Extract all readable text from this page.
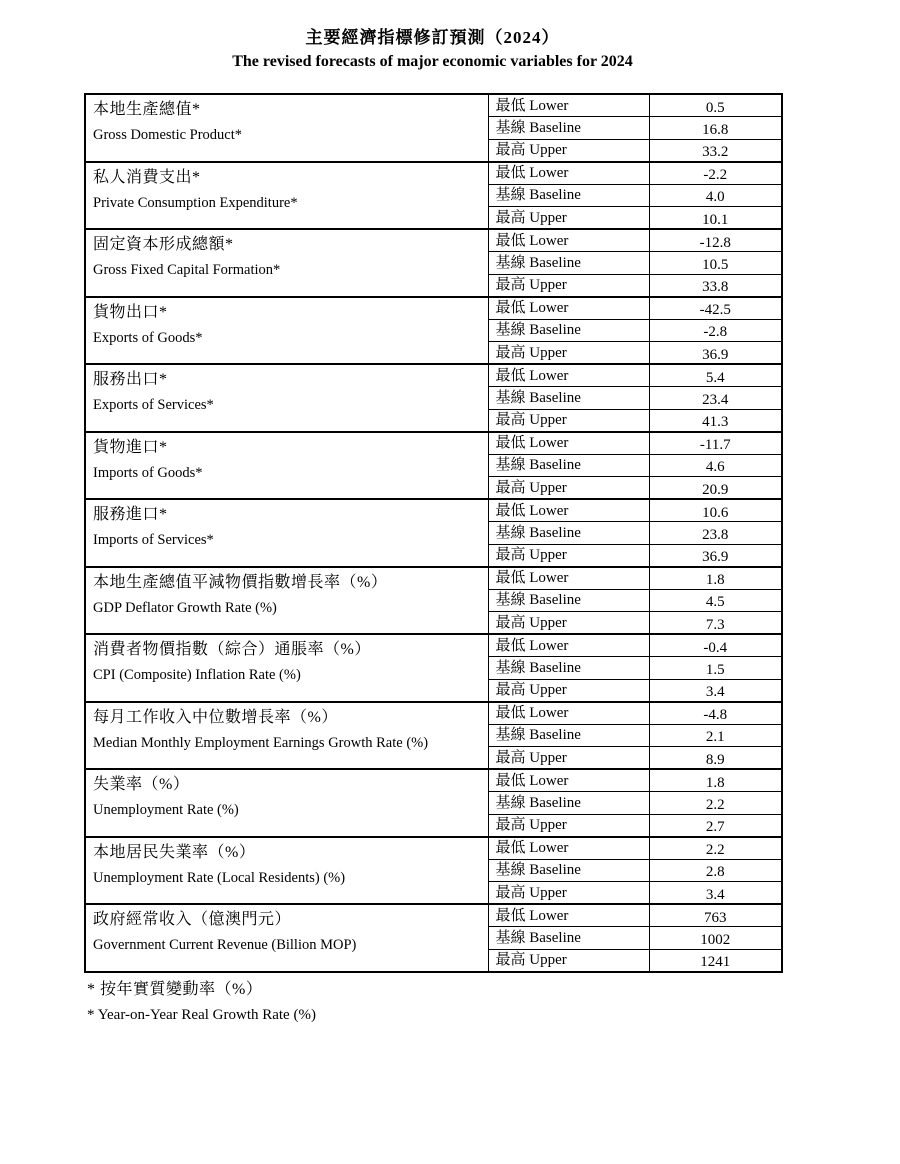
主要經濟指標修訂預測（2024）
The revised forecasts of major economic variables for 2024
本地生產總值*
Gross Domestic Product*	最低 Lower	0.5
	基線 Baseline	16.8
	最高 Upper	33.2

私人消費支出*
Private Consumption Expenditure*	最低 Lower	-2.2
	基線 Baseline	4.0
	最高 Upper	10.1

固定資本形成總額*
Gross Fixed Capital Formation*	最低 Lower	-12.8
	基線 Baseline	10.5
	最高 Upper	33.8

貨物出口*
Exports of Goods*	最低 Lower	-42.5
	基線 Baseline	-2.8
	最高 Upper	36.9

服務出口*
Exports of Services*	最低 Lower	5.4
	基線 Baseline	23.4
	最高 Upper	41.3

貨物進口*
Imports of Goods*	最低 Lower	-11.7
	基線 Baseline	4.6
	最高 Upper	20.9

服務進口*
Imports of Services*	最低 Lower	10.6
	基線 Baseline	23.8
	最高 Upper	36.9

本地生產總值平減物價指數增長率（%）
GDP Deflator Growth Rate (%)	最低 Lower	1.8
	基線 Baseline	4.5
	最高 Upper	7.3

消費者物價指數（綜合）通脹率（%）
CPI (Composite) Inflation Rate (%)	最低 Lower	-0.4
	基線 Baseline	1.5
	最高 Upper	3.4

每月工作收入中位數增長率（%）
Median Monthly Employment Earnings Growth Rate (%)	最低 Lower	-4.8
	基線 Baseline	2.1
	最高 Upper	8.9

失業率（%）
Unemployment Rate (%)	最低 Lower	1.8
	基線 Baseline	2.2
	最高 Upper	2.7

本地居民失業率（%）
Unemployment Rate (Local Residents) (%)	最低 Lower	2.2
	基線 Baseline	2.8
	最高 Upper	3.4

政府經常收入（億澳門元）
Government Current Revenue (Billion MOP)	最低 Lower	763
	基線 Baseline	1002
	最高 Upper	1241
* 按年實質變動率（%）
* Year-on-Year Real Growth Rate (%)
